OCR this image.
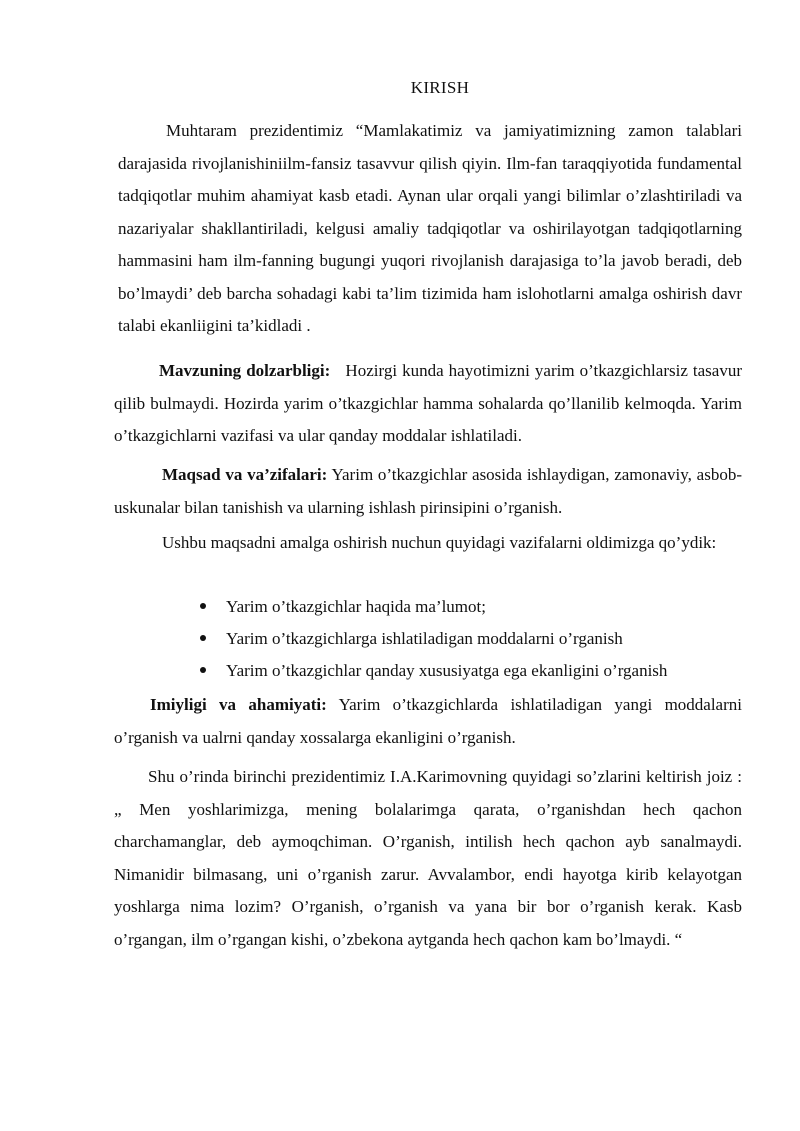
KIRISH

Muhtaram prezidentimiz “Mamlakatimiz va jamiyatimizning zamon talablari darajasida rivojlanishiniilm-fansiz tasavvur qilish qiyin. Ilm-fan taraqqiyotida fundamental tadqiqotlar muhim ahamiyat kasb etadi. Aynan ular orqali yangi bilimlar o’zlashtiriladi va nazariyalar shakllantiriladi, kelgusi amaliy tadqiqotlar va oshirilayotgan tadqiqotlarning hammasini ham ilm-fanning bugungi yuqori rivojlanish darajasiga to’la javob beradi, deb bo’lmaydi’ deb barcha sohadagi kabi ta’lim tizimida ham islohotlarni amalga oshirish davr talabi ekanliigini ta’kidladi .

Mavzuning dolzarbligi: Hozirgi kunda hayotimizni yarim o’tkazgichlarsiz tasavur qilib bulmaydi. Hozirda yarim o’tkazgichlar hamma sohalarda qo’llanilib kelmoqda. Yarim o’tkazgichlarni vazifasi va ular qanday moddalar ishlatiladi.

Maqsad va va’zifalari: Yarim o’tkazgichlar asosida ishlaydigan, zamonaviy, asbob-uskunalar bilan tanishish va ularning ishlash pirinsipini o’rganish.

Ushbu maqsadni amalga oshirish nuchun quyidagi vazifalarni oldimizga qo’ydik:

Yarim o’tkazgichlar haqida ma’lumot;
Yarim o’tkazgichlarga ishlatiladigan moddalarni o’rganish
Yarim o’tkazgichlar qanday xususiyatga ega ekanligini o’rganish

Imiyligi va ahamiyati: Yarim o’tkazgichlarda ishlatiladigan yangi moddalarni o’rganish va ualrni qanday xossalarga ekanligini o’rganish.

Shu o’rinda birinchi prezidentimiz I.A.Karimovning quyidagi so’zlarini keltirish joiz : „ Men yoshlarimizga, mening bolalarimga qarata, o’rganishdan hech qachon charchamanglar, deb aymoqchiman. O’rganish, intilish hech qachon ayb sanalmaydi. Nimanidir bilmasang, uni o’rganish zarur. Avvalambor, endi hayotga kirib kelayotgan yoshlarga nima lozim? O’rganish, o’rganish va yana bir bor o’rganish kerak. Kasb o’rgangan, ilm o’rgangan kishi, o’zbekona aytganda hech qachon kam bo’lmaydi. “
